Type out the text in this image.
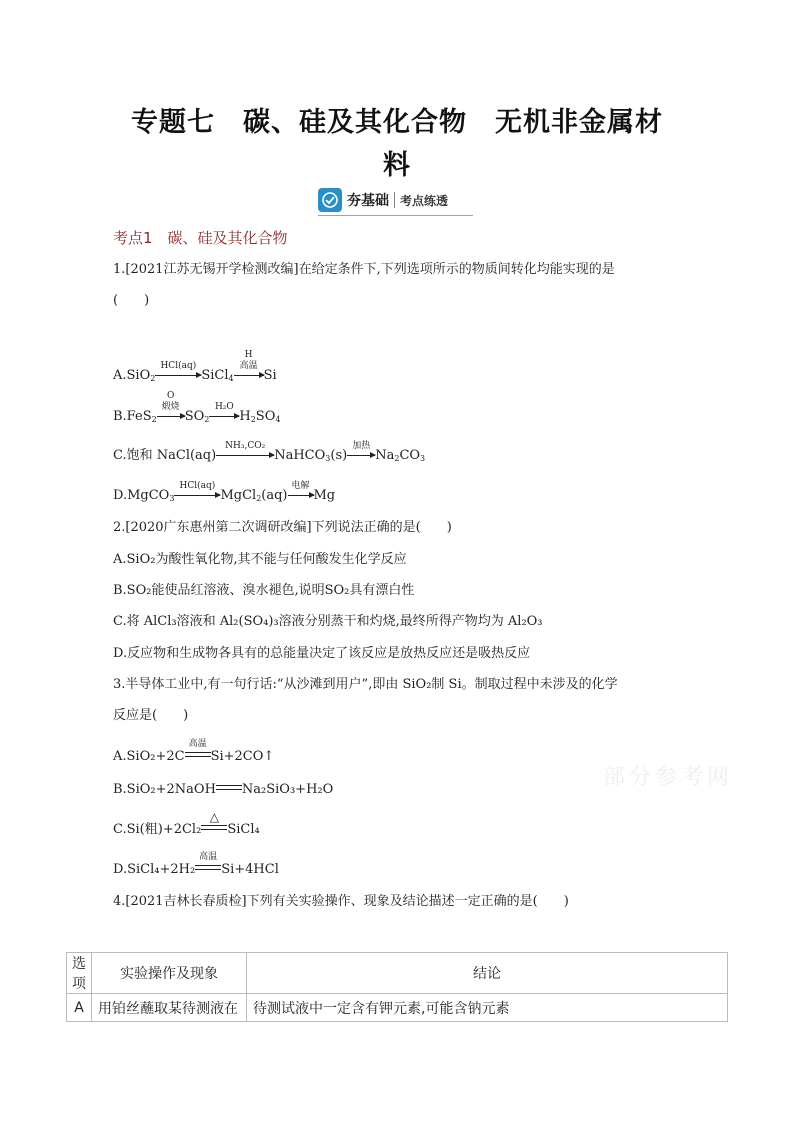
专题七　碳、硅及其化合物　无机非金属材
料
夯基础 考点练透
考点1　碳、硅及其化合物
1.[2021江苏无锡开学检测改编]在给定条件下,下列选项所示的物质间转化均能实现的是
(　　)
A.SiO$_2$
HCl(aq)
SiCl$_4$
H
高温
Si
B.FeS$_2$
O
煅烧
$SO_2$
H₂O
$H_2SO_4$
C.饱和 NaCl(aq)
NH₃,CO₂
NaHCO$_3$(s)
加热
$Na_2CO_3$
D.MgCO$_3$
HCl(aq)
MgCl$_2$(aq)
电解
Mg
2.[2020广东惠州第二次调研改编]下列说法正确的是(　　)
A.SiO₂为酸性氧化物,其不能与任何酸发生化学反应
B.SO₂能使品红溶液、溴水褪色,说明SO₂具有漂白性
C.将 AlCl₃溶液和 Al₂(SO₄)₃溶液分别蒸干和灼烧,最终所得产物均为 Al₂O₃
D.反应物和生成物各具有的总能量决定了该反应是放热反应还是吸热反应
3.半导体工业中,有一句行话:“从沙滩到用户”,即由 SiO₂制 Si。制取过程中未涉及的化学
反应是(　　)
A.SiO₂+2C
高温
Si+2CO↑
B.SiO₂+2NaOH Na₂SiO₃+H₂O
C.Si(粗)+2Cl₂
△
SiCl₄
D.SiCl₄+2H₂
高温
Si+4HCl
部分参考网
4.[2021吉林长春质检]下列有关实验操作、现象及结论描述一定正确的是(　　)
选项	实验操作及现象	结论
A	用铂丝蘸取某待测液在	待测试液中一定含有钾元素,可能含钠元素
